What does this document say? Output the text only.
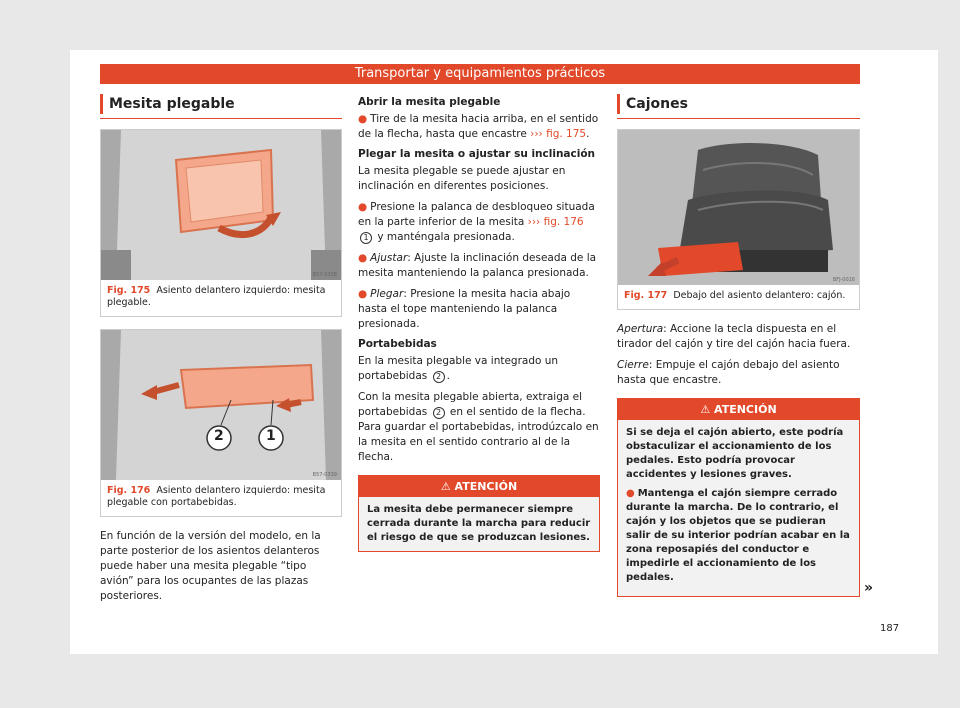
Transportar y equipamientos prácticos
Mesita plegable
B57-0338
Fig. 175 Asiento delantero izquierdo: mesita plegable.
2	1
B57-0339
Fig. 176 Asiento delantero izquierdo: mesita plegable con portabebidas.

En función de la versión del modelo, en la parte posterior de los asientos delanteros puede haber una mesita plegable “tipo avión” para los ocupantes de las plazas posteriores.

Abrir la mesita plegable

● Tire de la mesita hacia arriba, en el sentido de la flecha, hasta que encastre ››› fig. 175.

Plegar la mesita o ajustar su inclinación

La mesita plegable se puede ajustar en inclinación en diferentes posiciones.

● Presione la palanca de desbloqueo situada en la parte inferior de la mesita ››› fig. 176 1 y manténgala presionada.

● Ajustar: Ajuste la inclinación deseada de la mesita manteniendo la palanca presionada.

● Plegar: Presione la mesita hacia abajo hasta el tope manteniendo la palanca presionada.

Portabebidas

En la mesita plegable va integrado un portabebidas 2 .

Con la mesita plegable abierta, extraiga el portabebidas 2 en el sentido de la flecha. Para guardar el portabebidas, introdúzcalo en la mesita en el sentido contrario al de la flecha.

⚠ ATENCIÓN
La mesita debe permanecer siempre cerrada durante la marcha para reducir el riesgo de que se produzcan lesiones.
Cajones
BFJ-0016
Fig. 177 Debajo del asiento delantero: cajón.

Apertura: Accione la tecla dispuesta en el tirador del cajón y tire del cajón hacia fuera.

Cierre: Empuje el cajón debajo del asiento hasta que encastre.

⚠ ATENCIÓN
Si se deja el cajón abierto, este podría obstaculizar el accionamiento de los pedales. Esto podría provocar accidentes y lesiones graves.
● Mantenga el cajón siempre cerrado durante la marcha. De lo contrario, el cajón y los objetos que se pudieran salir de su interior podrían acabar en la zona reposapiés del conductor e impedirle el accionamiento de los pedales.
»
187
